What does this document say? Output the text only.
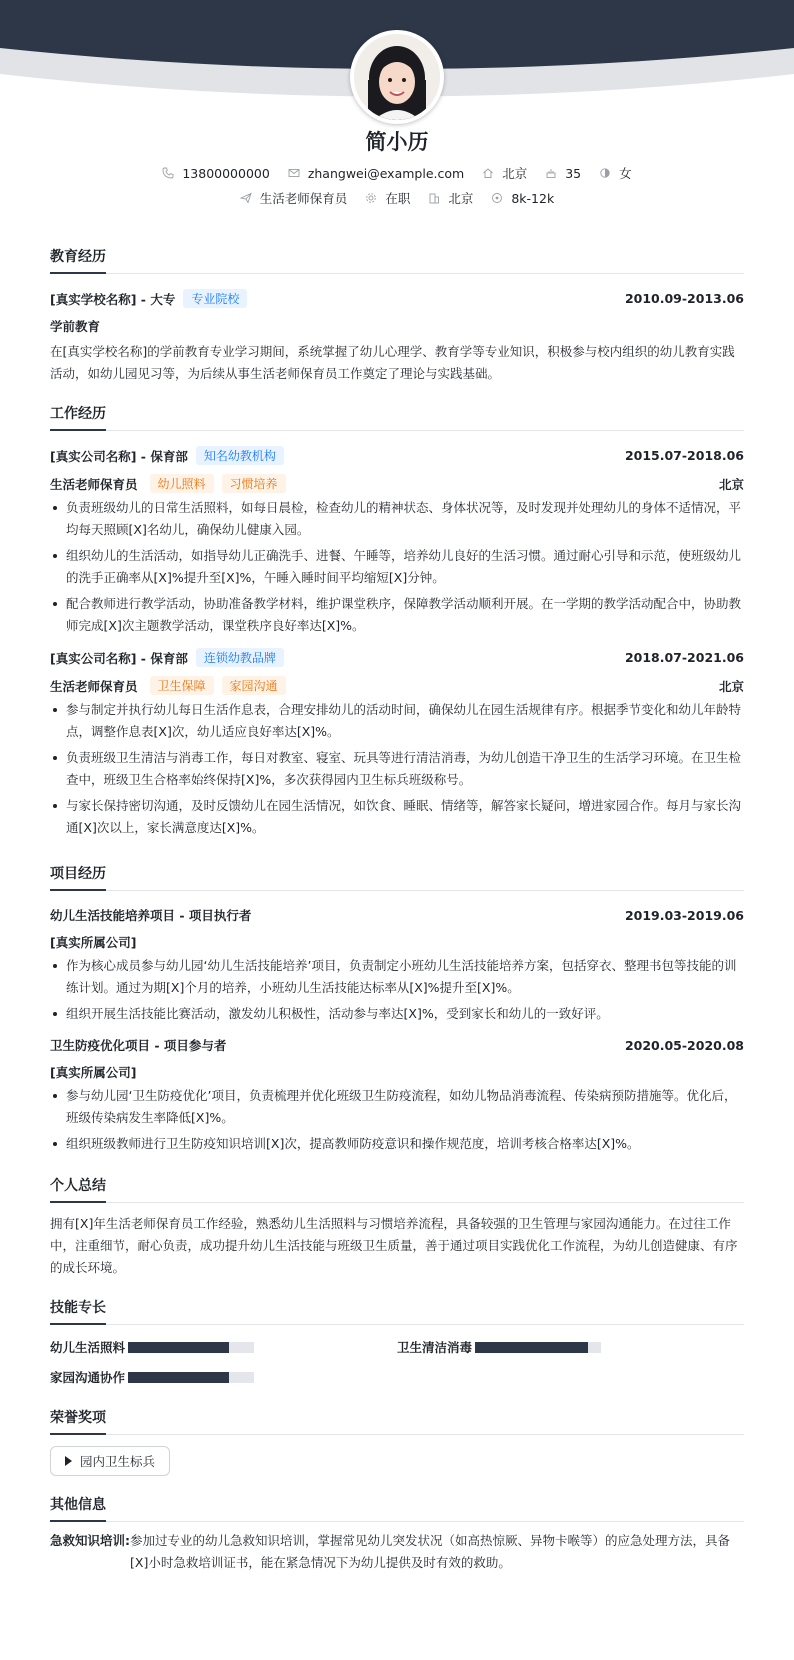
简小历
13800000000	zhangwei@example.com	北京	35	女
生活老师保育员	在职	北京	8k-12k
教育经历
[真实学校名称] - 大专	专业院校	2010.09-2013.06
学前教育
在[真实学校名称]的学前教育专业学习期间，系统掌握了幼儿心理学、教育学等专业知识，积极参与校内组织的幼儿教育实践活动，如幼儿园见习等，为后续从事生活老师保育员工作奠定了理论与实践基础。
工作经历
[真实公司名称] - 保育部	知名幼教机构	2015.07-2018.06
生活老师保育员	幼儿照料	习惯培养	北京
负责班级幼儿的日常生活照料，如每日晨检，检查幼儿的精神状态、身体状况等，及时发现并处理幼儿的身体不适情况，平均每天照顾[X]名幼儿，确保幼儿健康入园。
组织幼儿的生活活动，如指导幼儿正确洗手、进餐、午睡等，培养幼儿良好的生活习惯。通过耐心引导和示范，使班级幼儿的洗手正确率从[X]%提升至[X]%，午睡入睡时间平均缩短[X]分钟。
配合教师进行教学活动，协助准备教学材料，维护课堂秩序，保障教学活动顺利开展。在一学期的教学活动配合中，协助教师完成[X]次主题教学活动，课堂秩序良好率达[X]%。
[真实公司名称] - 保育部	连锁幼教品牌	2018.07-2021.06
生活老师保育员	卫生保障	家园沟通	北京
参与制定并执行幼儿每日生活作息表，合理安排幼儿的活动时间，确保幼儿在园生活规律有序。根据季节变化和幼儿年龄特点，调整作息表[X]次，幼儿适应良好率达[X]%。
负责班级卫生清洁与消毒工作，每日对教室、寝室、玩具等进行清洁消毒，为幼儿创造干净卫生的生活学习环境。在卫生检查中，班级卫生合格率始终保持[X]%，多次获得园内卫生标兵班级称号。
与家长保持密切沟通，及时反馈幼儿在园生活情况，如饮食、睡眠、情绪等，解答家长疑问，增进家园合作。每月与家长沟通[X]次以上，家长满意度达[X]%。
项目经历
幼儿生活技能培养项目 - 项目执行者	2019.03-2019.06
[真实所属公司]
作为核心成员参与幼儿园‘幼儿生活技能培养’项目，负责制定小班幼儿生活技能培养方案，包括穿衣、整理书包等技能的训练计划。通过为期[X]个月的培养，小班幼儿生活技能达标率从[X]%提升至[X]%。
组织开展生活技能比赛活动，激发幼儿积极性，活动参与率达[X]%，受到家长和幼儿的一致好评。
卫生防疫优化项目 - 项目参与者	2020.05-2020.08
[真实所属公司]
参与幼儿园‘卫生防疫优化’项目，负责梳理并优化班级卫生防疫流程，如幼儿物品消毒流程、传染病预防措施等。优化后，班级传染病发生率降低[X]%。
组织班级教师进行卫生防疫知识培训[X]次，提高教师防疫意识和操作规范度，培训考核合格率达[X]%。
个人总结
拥有[X]年生活老师保育员工作经验，熟悉幼儿生活照料与习惯培养流程，具备较强的卫生管理与家园沟通能力。在过往工作中，注重细节，耐心负责，成功提升幼儿生活技能与班级卫生质量，善于通过项目实践优化工作流程，为幼儿创造健康、有序的成长环境。
技能专长
幼儿生活照料	卫生清洁消毒
家园沟通协作
荣誉奖项
园内卫生标兵
其他信息
急救知识培训: 参加过专业的幼儿急救知识培训，掌握常见幼儿突发状况（如高热惊厥、异物卡喉等）的应急处理方法，具备[X]小时急救培训证书，能在紧急情况下为幼儿提供及时有效的救助。
